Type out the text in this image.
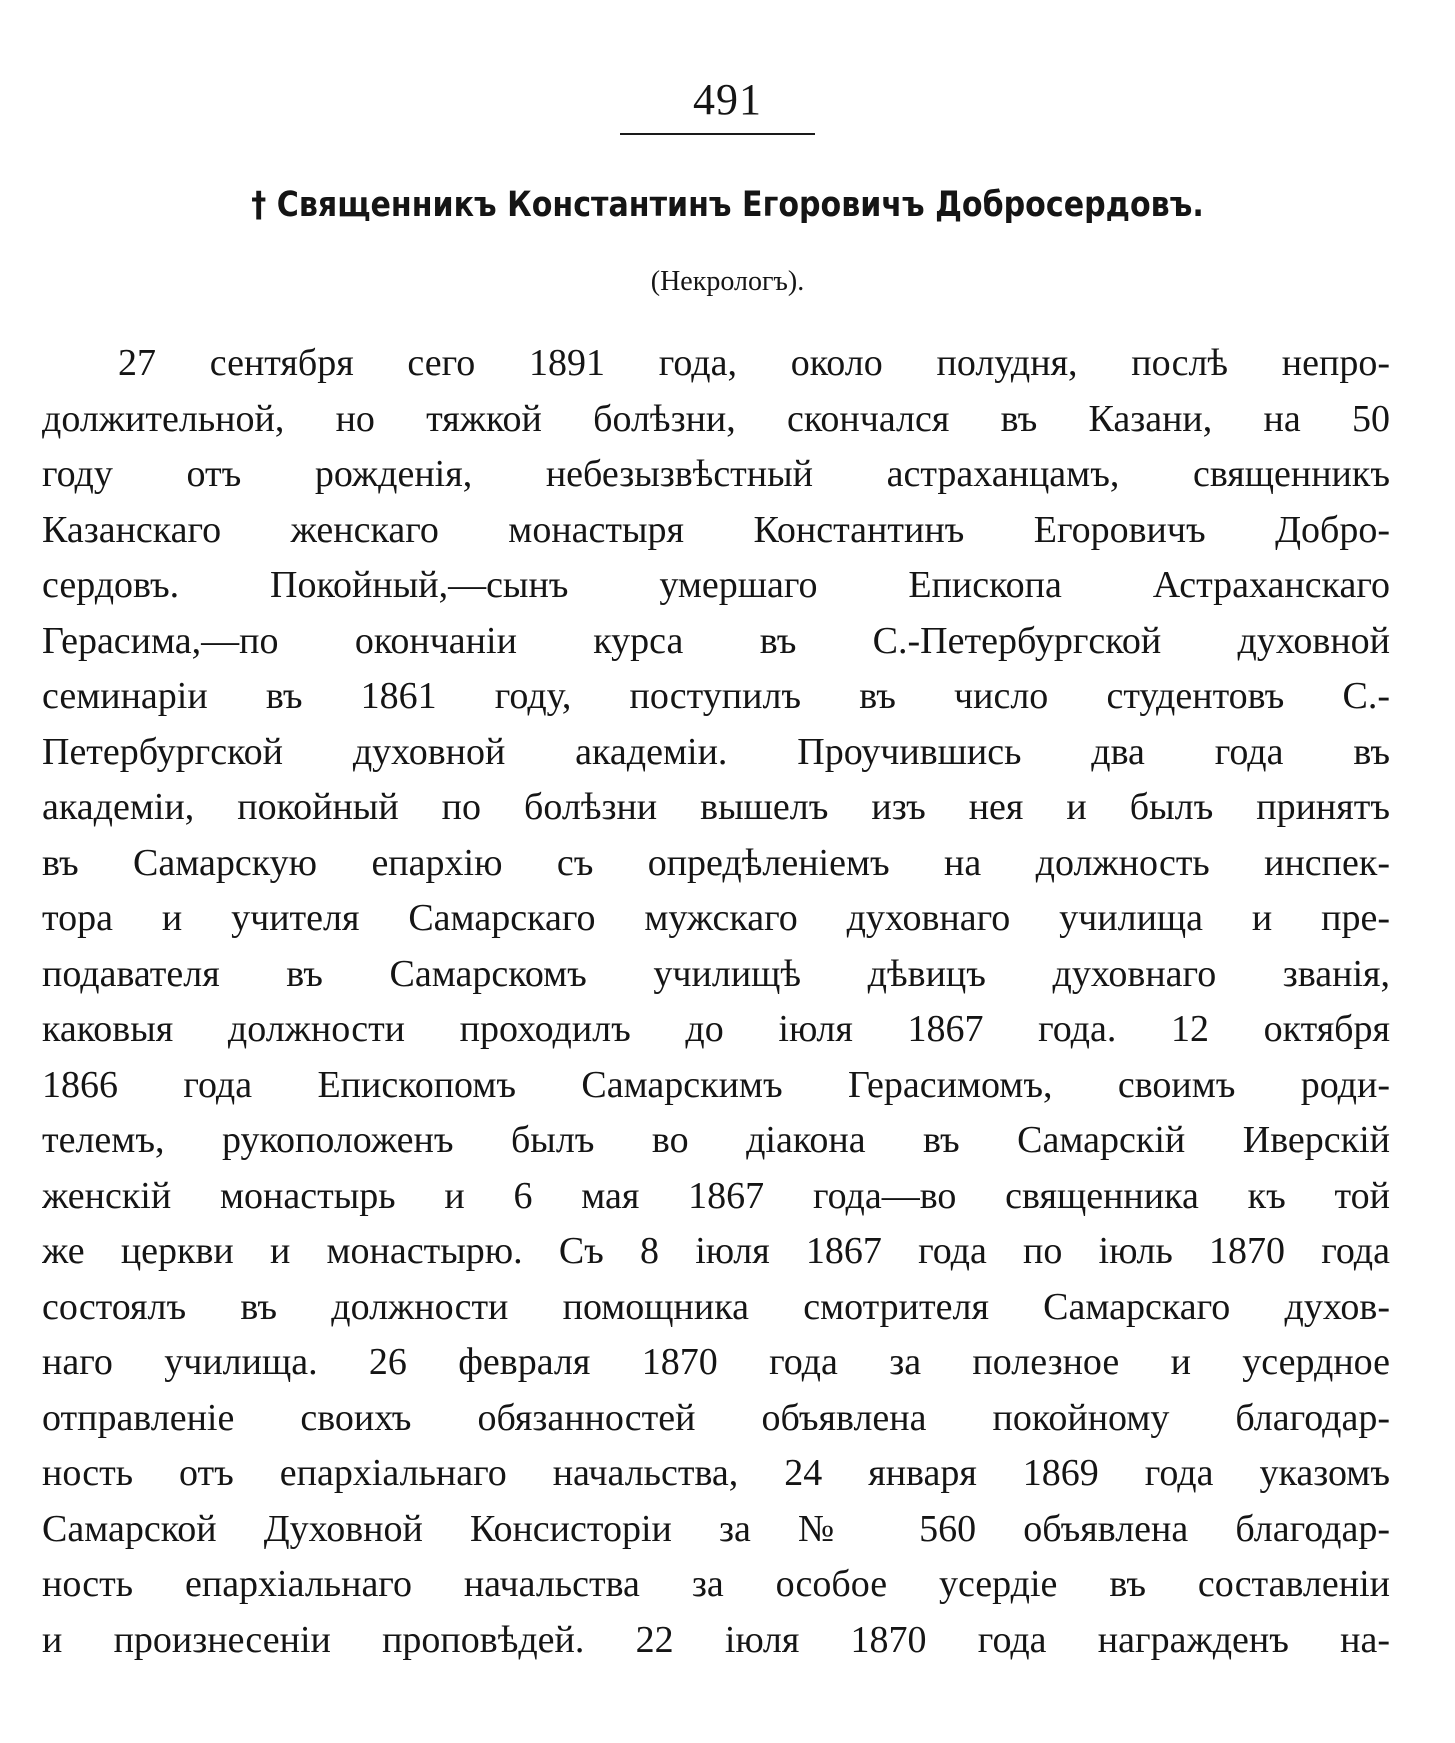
491
† Священникъ Константинъ Егоровичъ Добросердовъ.
(Некрологъ).
27 сентября сего 1891 года, около полудня, послѣ непро-
должительной, но тяжкой болѣзни, скончался въ Казани, на 50
году отъ рожденія, небезызвѣстный астраханцамъ, священникъ
Казанскаго женскаго монастыря Константинъ Егоровичъ Добро-
сердовъ. Покойный,—сынъ умершаго Епископа Астраханскаго
Герасима,—по окончаніи курса въ С.-Петербургской духовной
семинаріи въ 1861 году, поступилъ въ число студентовъ С.-
Петербургской духовной академіи. Проучившись два года въ
академіи, покойный по болѣзни вышелъ изъ нея и былъ принятъ
въ Самарскую епархію съ опредѣленіемъ на должность инспек-
тора и учителя Самарскаго мужскаго духовнаго училища и пре-
подавателя въ Самарскомъ училищѣ дѣвицъ духовнаго званія,
каковыя должности проходилъ до іюля 1867 года. 12 октября
1866 года Епископомъ Самарскимъ Герасимомъ, своимъ роди-
телемъ, рукоположенъ былъ во діакона въ Самарскій Иверскій
женскій монастырь и 6 мая 1867 года—во священника къ той
же церкви и монастырю. Съ 8 іюля 1867 года по іюль 1870 года
состоялъ въ должности помощника смотрителя Самарскаго духов-
наго училища. 26 февраля 1870 года за полезное и усердное
отправленіе своихъ обязанностей объявлена покойному благодар-
ность отъ епархіальнаго начальства, 24 января 1869 года указомъ
Самарской Духовной Консисторіи за № 560 объявлена благодар-
ность епархіальнаго начальства за особое усердіе въ составленіи
и произнесеніи проповѣдей. 22 іюля 1870 года награжденъ на-
